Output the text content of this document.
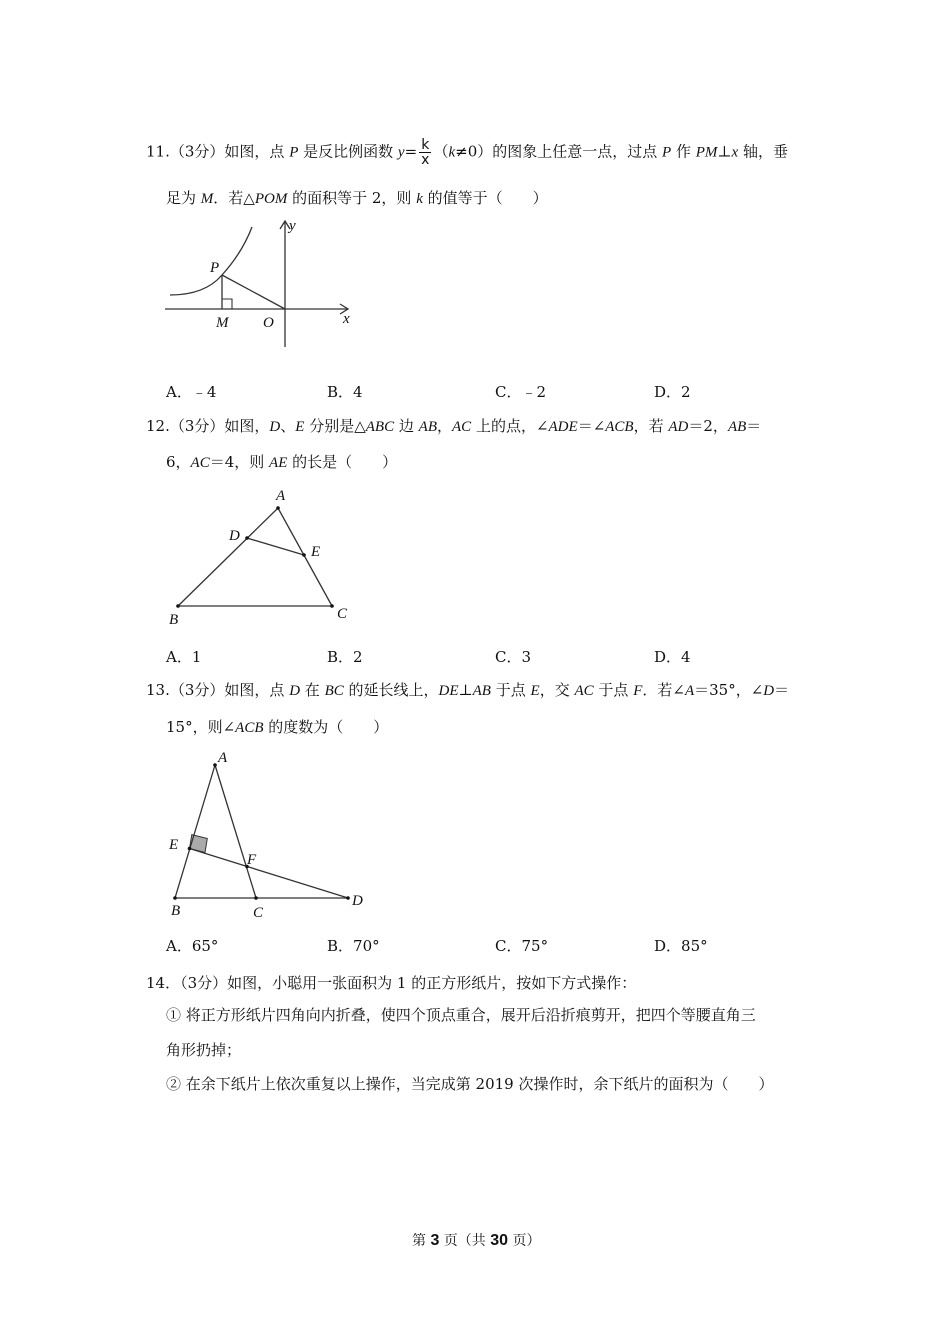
11.（3分）如图，点 P 是反比例函数 $y= \frac{k}{x} (k\ne 0)$的图象上任意一点，过点 P 作 PM⊥x 轴，垂
足为 M．若△POM 的面积等于 2，则 k 的值等于（　　）
P
M O	x
y
A．﹣4	B．4	C．﹣2	D．2
12.（3分）如图，D、E 分别是△ABC 边 AB，AC 上的点，∠ADE＝∠ACB，若 AD＝2，AB＝
6，AC＝4，则 AE 的长是（　　）
A
B	C
D
E
A．1	B．2	C．3	D．4
13.（3分）如图，点 D 在 BC 的延长线上，DE⊥AB 于点 E，交 AC 于点 F．若∠A＝35°，∠D＝
15°，则∠ACB 的度数为（　　）
A
B	C
D
E
F
A．65°	B．70°	C．75°	D．85°
14．（3分）如图，小聪用一张面积为 1 的正方形纸片，按如下方式操作：
① 将正方形纸片四角向内折叠，使四个顶点重合，展开后沿折痕剪开，把四个等腰直角三
角形扔掉；
② 在余下纸片上依次重复以上操作，当完成第 2019 次操作时，余下纸片的面积为（　　）
第 3 页（共 30 页）
